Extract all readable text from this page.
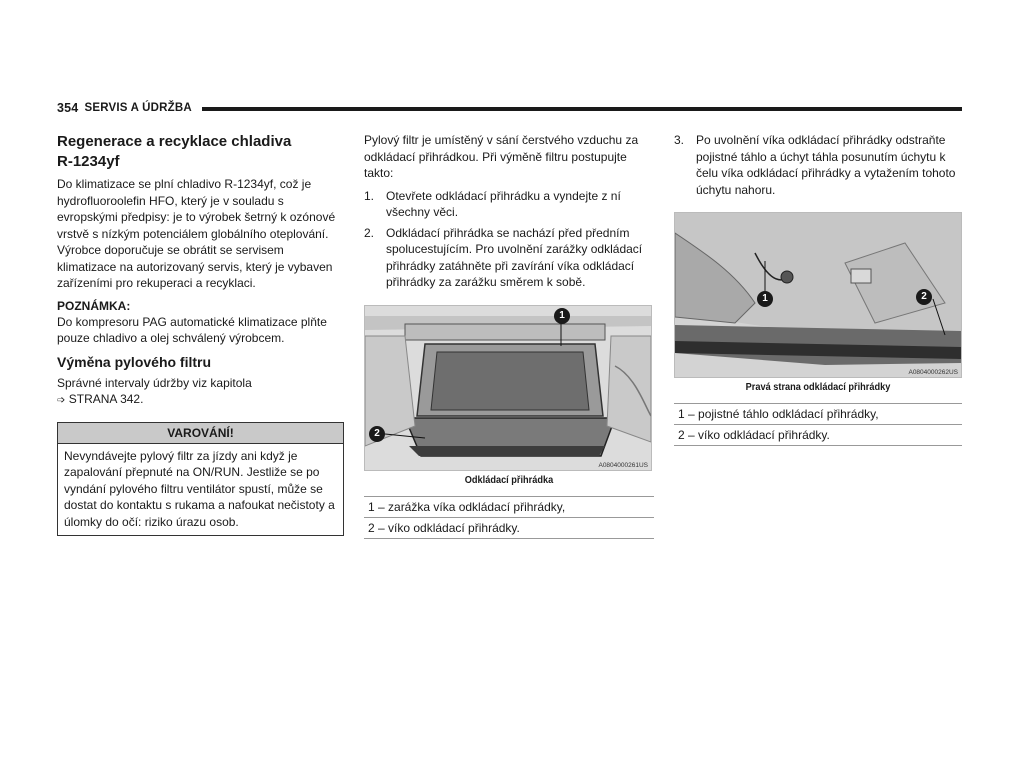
354 SERVIS A ÚDRŽBA
Regenerace a recyklace chladiva
R-1234yf

Do klimatizace se plní chladivo R-1234yf, což je hydrofluoroolefin HFO, který je v souladu s evropskými předpisy: je to výrobek šetrný k ozónové vrstvě s nízkým potenciálem globálního oteplování. Výrobce doporučuje se obrátit se servisem klimatizace na autorizovaný servis, který je vybaven zařízeními pro rekuperaci a recyklaci.

POZNÁMKA:

Do kompresoru PAG automatické klimatizace plňte pouze chladivo a olej schválený výrobcem.

Výměna pylového filtru

Správné intervaly údržby viz kapitola
➩ STRANA 342.

VAROVÁNÍ!
Nevyndávejte pylový filtr za jízdy ani když je zapalování přepnuté na ON/RUN. Jestliže se po vyndání pylového filtru ventilátor spustí, může se dostat do kontaktu s rukama a nafoukat nečistoty a úlomky do očí: riziko úrazu osob.

Pylový filtr je umístěný v sání čerstvého vzduchu za odkládací přihrádkou. Při výměně filtru postupujte takto:

1. Otevřete odkládací přihrádku a vyndejte z ní všechny věci.
2. Odkládací přihrádka se nachází před předním spolucestujícím. Pro uvolnění zarážky odkládací přihrádky zatáhněte při zavírání víka odkládací přihrádky za zarážku směrem k sobě.
1
2
A0804000261US
Odkládací přihrádka
1 – zarážka víka odkládací přihrádky,
2 – víko odkládací přihrádky.
3. Po uvolnění víka odkládací přihrádky odstraňte pojistné táhlo a úchyt táhla posunutím úchytu k čelu víka odkládací přihrádky a vytažením tohoto úchytu nahoru.
1	2
A0804000262US
Pravá strana odkládací přihrádky
1 – pojistné táhlo odkládací přihrádky,
2 – víko odkládací přihrádky.
